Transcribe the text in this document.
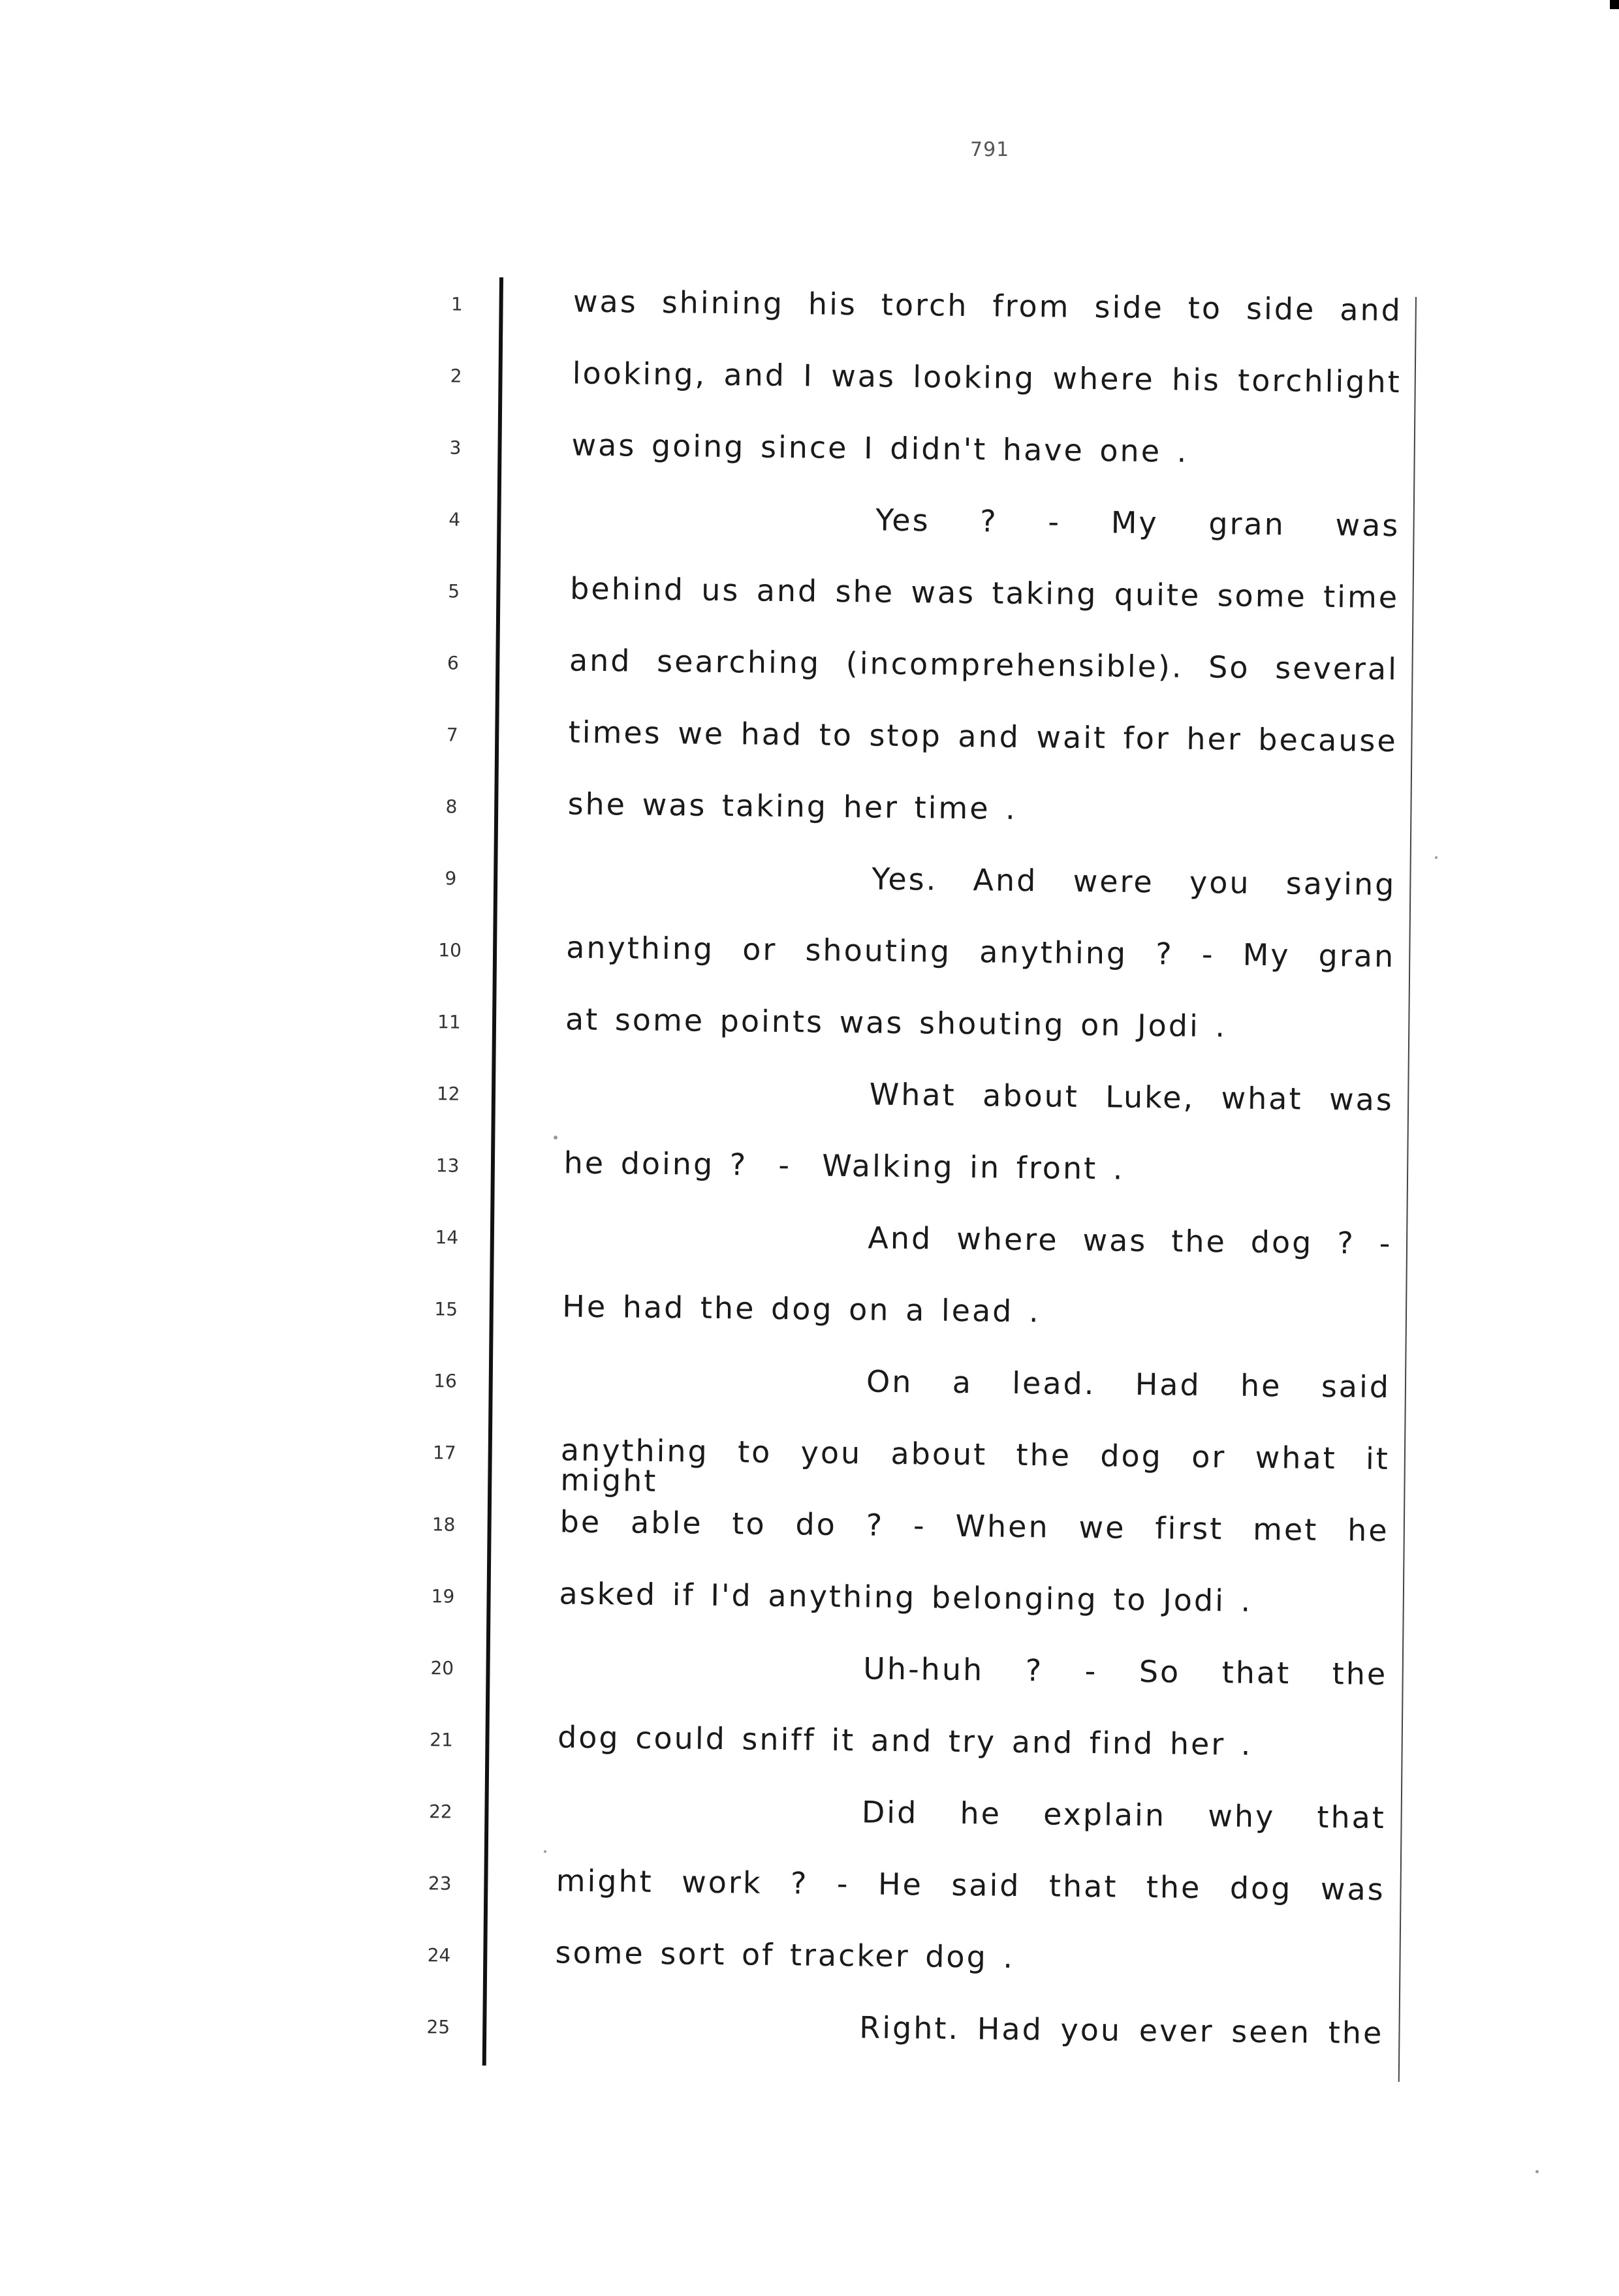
791
1
2
3
4
5
6
7
8
9
10
11
12
13
14
15
16
17
18
19
20
21
22
23
24
25
was shining his torch from side to side and
looking, and I was looking where his torchlight
was going since I didn't have one .
Yes ? - My gran was
behind us and she was taking quite some time
and searching (incomprehensible). So several
times we had to stop and wait for her because
she was taking her time .
Yes. And were you saying
anything or shouting anything ? - My gran
at some points was shouting on Jodi .
What about Luke, what was
he doing ?  -  Walking in front .
And where was the dog ? -
He had the dog on a lead .
On a lead. Had he said
anything to you about the dog or what it might
be able to do ? - When we first met he
asked if I'd anything belonging to Jodi .
Uh-huh ? - So that the
dog could sniff it and try and find her .
Did he explain why that
might work ? - He said that the dog was
some sort of tracker dog .
Right. Had you ever seen the
